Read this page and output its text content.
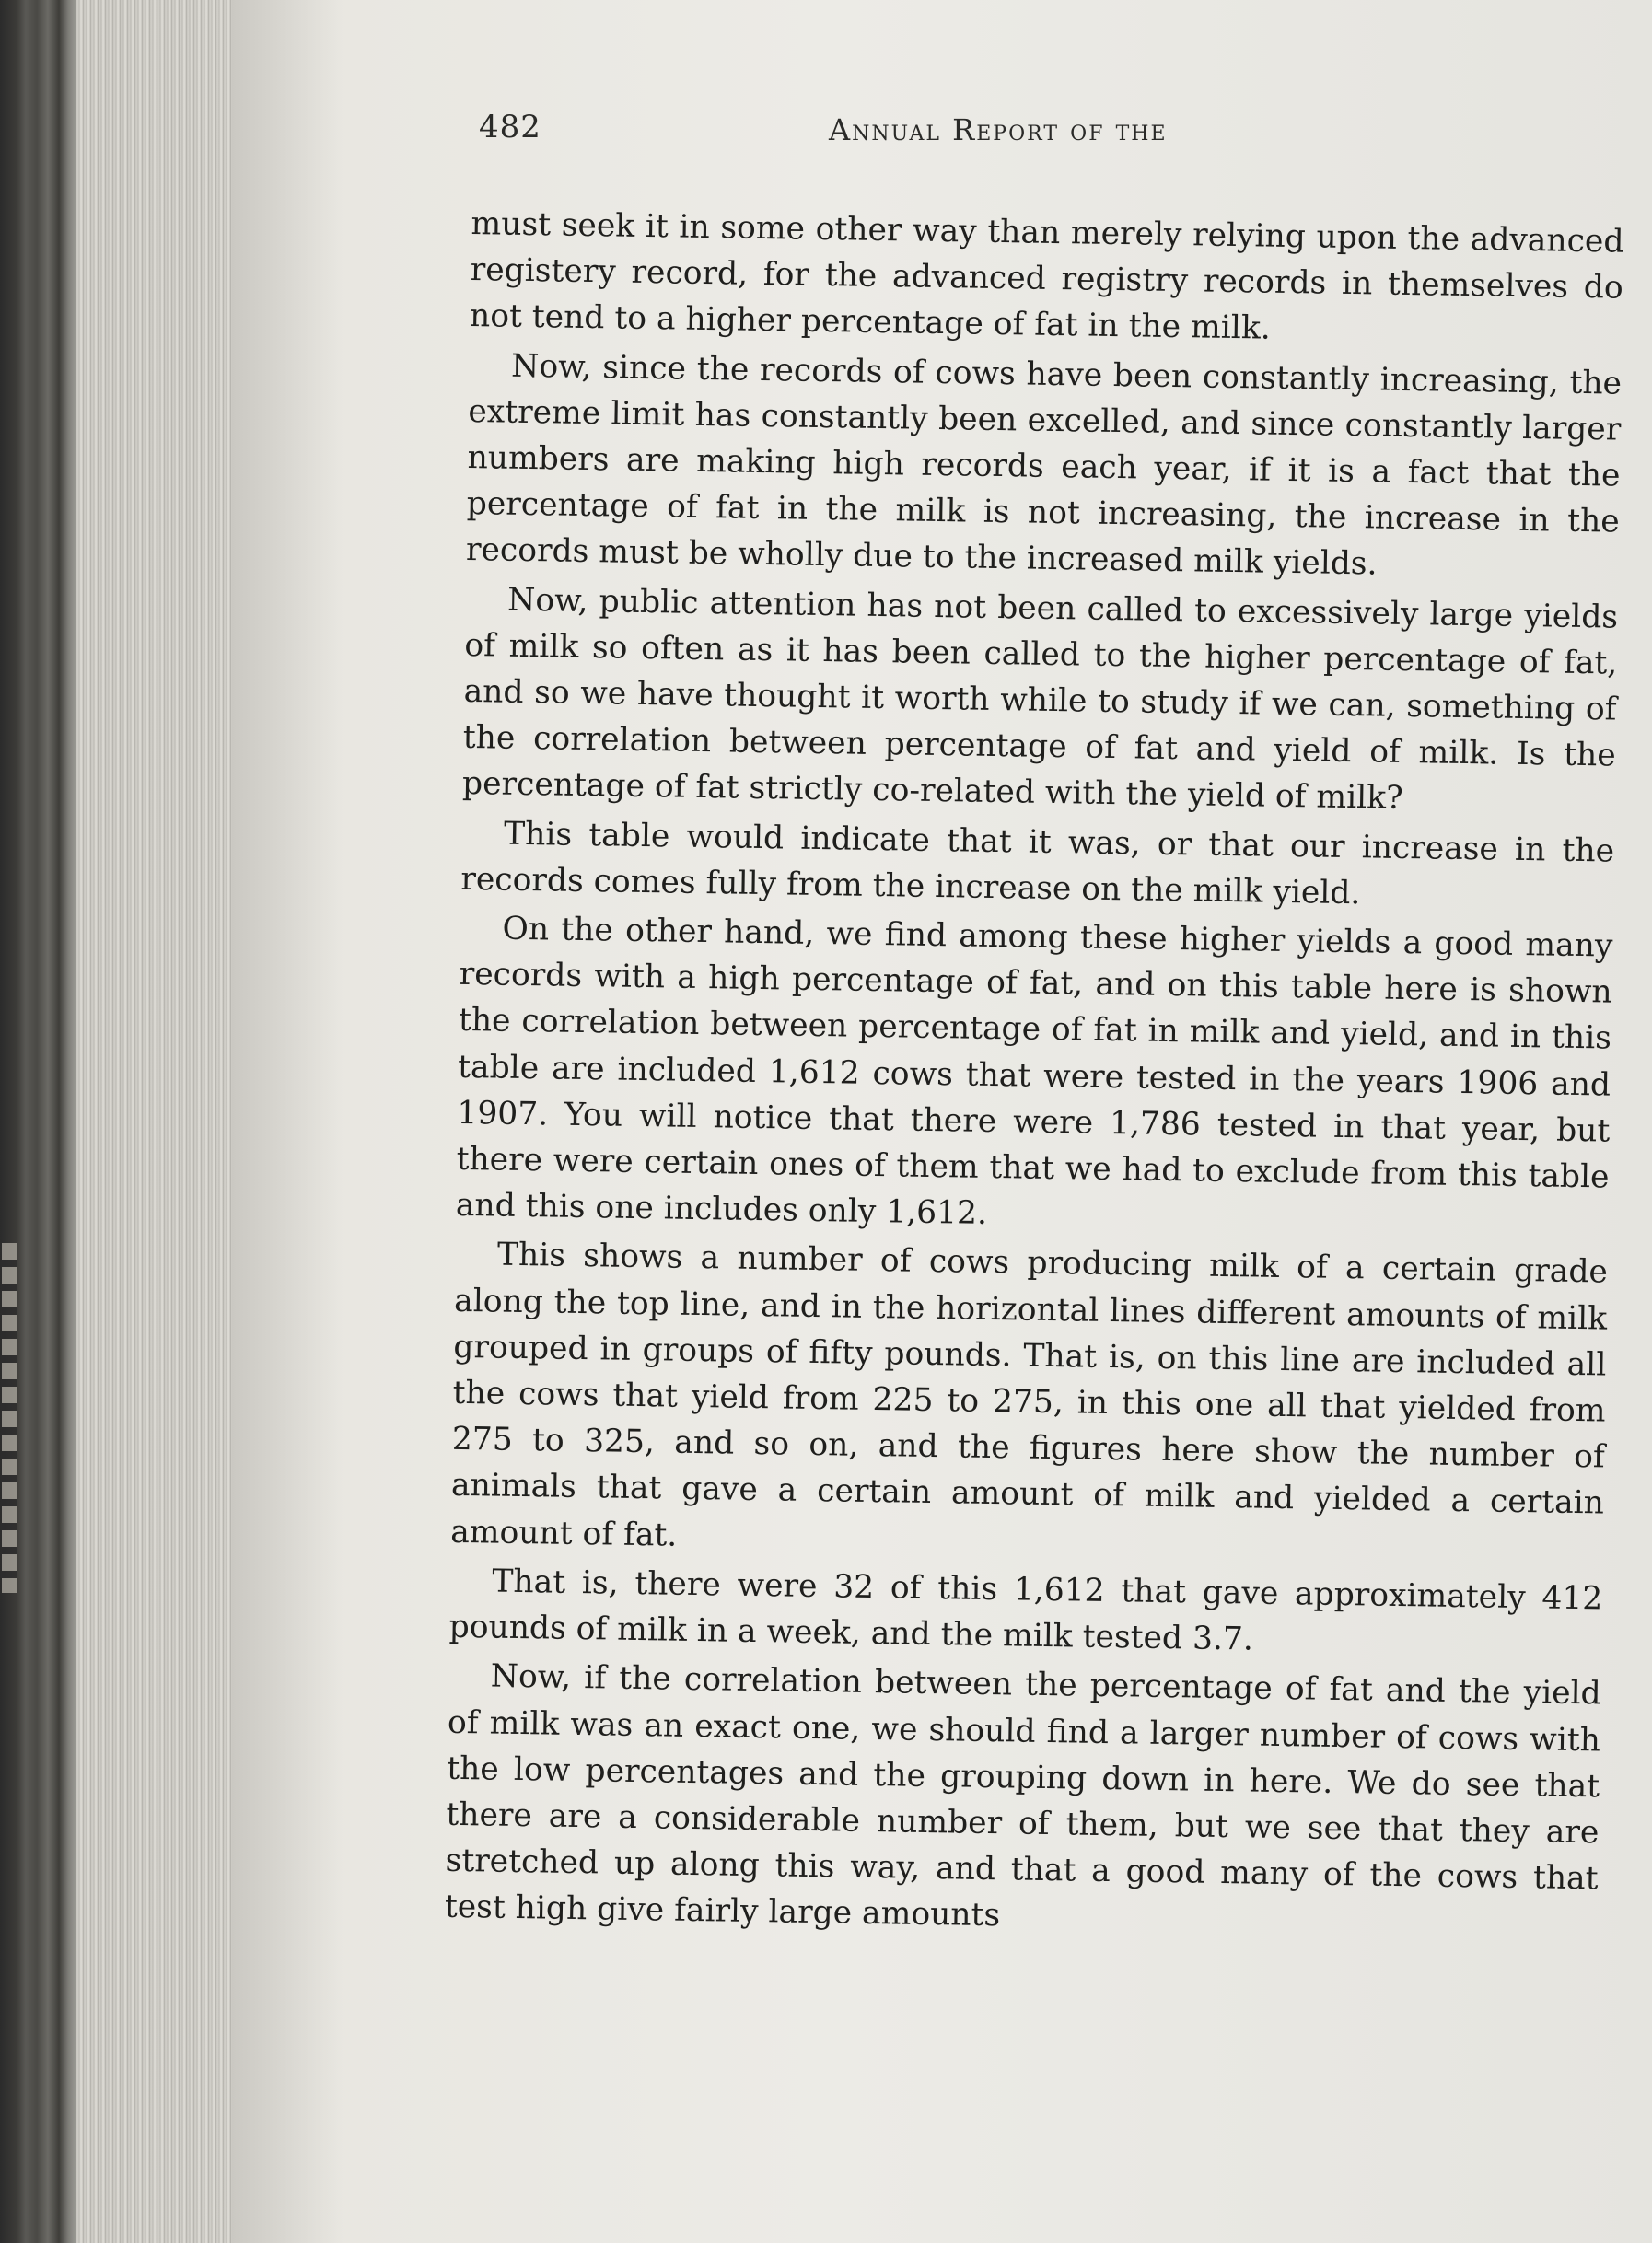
482	Annual Report of the

must seek it in some other way than merely relying upon the advanced registery record, for the advanced registry records in themselves do not tend to a higher percentage of fat in the milk.

Now, since the records of cows have been constantly increasing, the extreme limit has constantly been excelled, and since constantly larger numbers are making high records each year, if it is a fact that the percentage of fat in the milk is not increasing, the increase in the records must be wholly due to the increased milk yields.

Now, public attention has not been called to excessively large yields of milk so often as it has been called to the higher percentage of fat, and so we have thought it worth while to study if we can, something of the correlation between percentage of fat and yield of milk. Is the percentage of fat strictly co-related with the yield of milk?

This table would indicate that it was, or that our increase in the records comes fully from the increase on the milk yield.

On the other hand, we find among these higher yields a good many records with a high percentage of fat, and on this table here is shown the correlation between percentage of fat in milk and yield, and in this table are included 1,612 cows that were tested in the years 1906 and 1907. You will notice that there were 1,786 tested in that year, but there were certain ones of them that we had to exclude from this table and this one includes only 1,612.

This shows a number of cows producing milk of a certain grade along the top line, and in the horizontal lines different amounts of milk grouped in groups of fifty pounds. That is, on this line are included all the cows that yield from 225 to 275, in this one all that yielded from 275 to 325, and so on, and the figures here show the number of animals that gave a certain amount of milk and yielded a certain amount of fat.

That is, there were 32 of this 1,612 that gave approximately 412 pounds of milk in a week, and the milk tested 3.7.

Now, if the correlation between the percentage of fat and the yield of milk was an exact one, we should find a larger number of cows with the low percentages and the grouping down in here. We do see that there are a considerable number of them, but we see that they are stretched up along this way, and that a good many of the cows that test high give fairly large amounts
